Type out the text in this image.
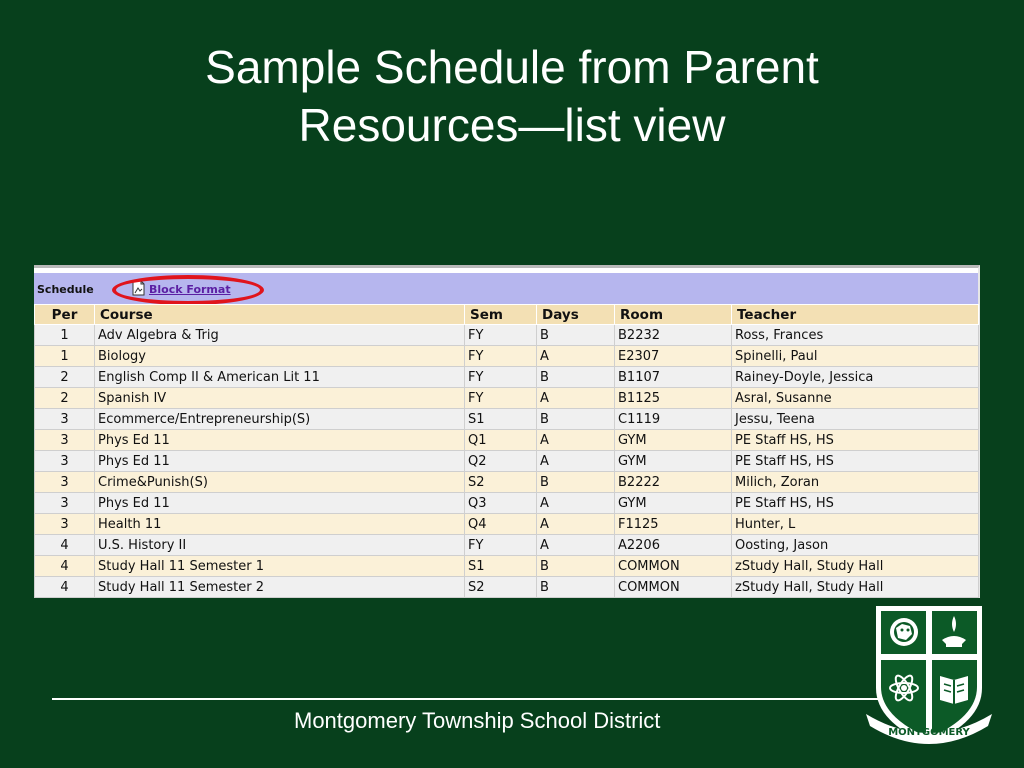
Sample Schedule from Parent
Resources—list view
Schedule	Block Format
Per	Course	Sem	Days	Room	Teacher
1	Adv Algebra & Trig	FY	B	B2232	Ross, Frances
1	Biology	FY	A	E2307	Spinelli, Paul
2	English Comp II & American Lit 11	FY	B	B1107	Rainey-Doyle, Jessica
2	Spanish IV	FY	A	B1125	Asral, Susanne
3	Ecommerce/Entrepreneurship(S)	S1	B	C1119	Jessu, Teena
3	Phys Ed 11	Q1	A	GYM	PE Staff HS, HS
3	Phys Ed 11	Q2	A	GYM	PE Staff HS, HS
3	Crime&Punish(S)	S2	B	B2222	Milich, Zoran
3	Phys Ed 11	Q3	A	GYM	PE Staff HS, HS
3	Health 11	Q4	A	F1125	Hunter, L
4	U.S. History II	FY	A	A2206	Oosting, Jason
4	Study Hall 11 Semester 1	S1	B	COMMON	zStudy Hall, Study Hall
4	Study Hall 11 Semester 2	S2	B	COMMON	zStudy Hall, Study Hall
Montgomery Township School District	MONTGOMERY
